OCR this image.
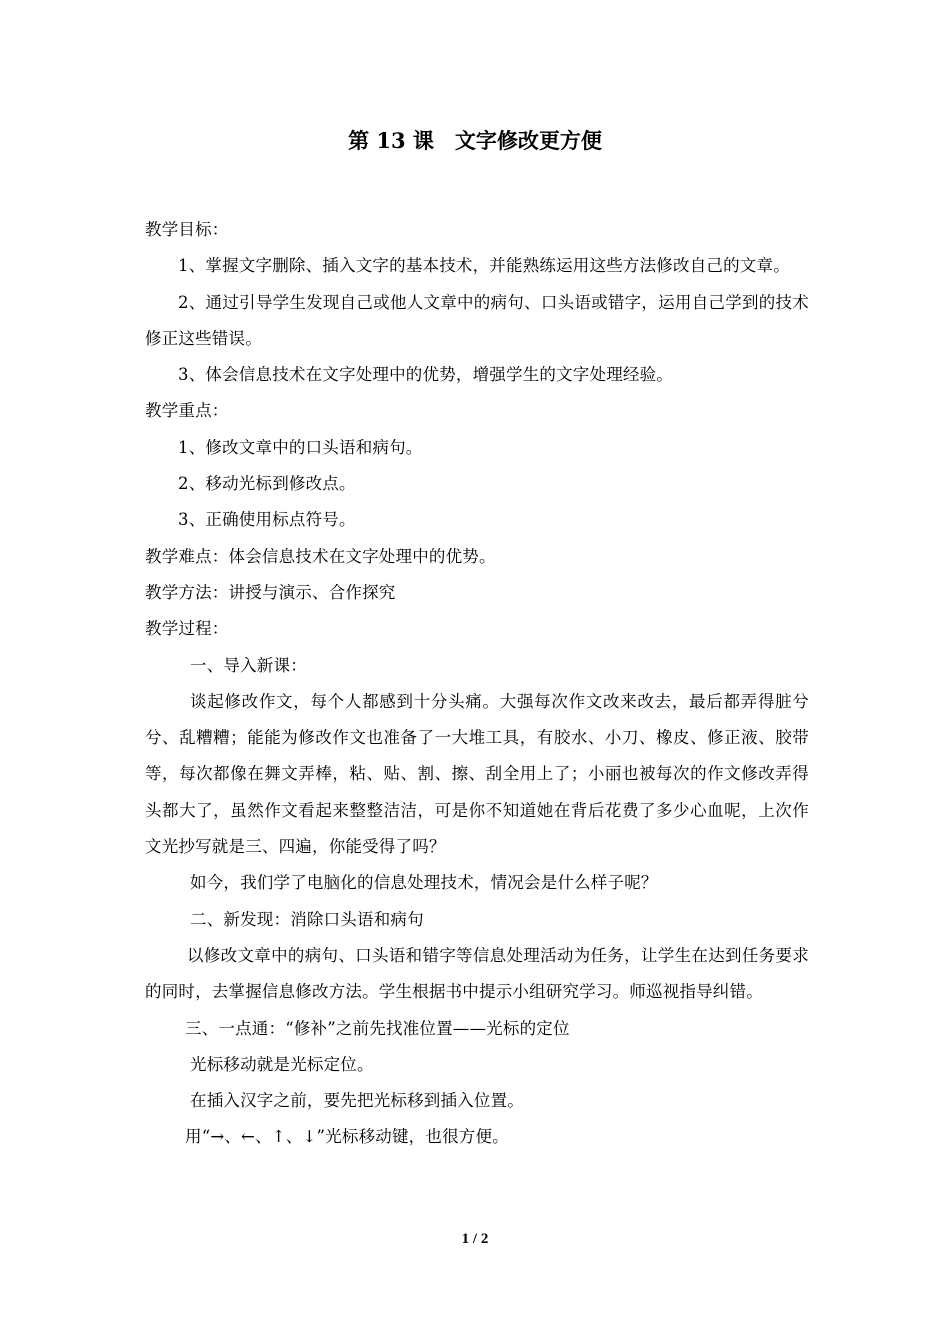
第 13 课　文字修改更方便

教学目标：

1、掌握文字删除、插入文字的基本技术，并能熟练运用这些方法修改自己的文章。

2、通过引导学生发现自己或他人文章中的病句、口头语或错字，运用自己学到的技术修正这些错误。

3、体会信息技术在文字处理中的优势，增强学生的文字处理经验。

教学重点：

1、修改文章中的口头语和病句。

2、移动光标到修改点。

3、正确使用标点符号。

教学难点：体会信息技术在文字处理中的优势。

教学方法：讲授与演示、合作探究

教学过程：

一、导入新课：

谈起修改作文，每个人都感到十分头痛。大强每次作文改来改去，最后都弄得脏兮兮、乱糟糟；能能为修改作文也准备了一大堆工具，有胶水、小刀、橡皮、修正液、胶带等，每次都像在舞文弄棒，粘、贴、割、擦、刮全用上了；小丽也被每次的作文修改弄得头都大了，虽然作文看起来整整洁洁，可是你不知道她在背后花费了多少心血呢，上次作文光抄写就是三、四遍，你能受得了吗？

如今，我们学了电脑化的信息处理技术，情况会是什么样子呢？

二、新发现：消除口头语和病句

以修改文章中的病句、口头语和错字等信息处理活动为任务，让学生在达到任务要求的同时，去掌握信息修改方法。学生根据书中提示小组研究学习。师巡视指导纠错。

三、一点通：“修补”之前先找准位置——光标的定位

光标移动就是光标定位。

在插入汉字之前，要先把光标移到插入位置。

用“→、←、↑、↓”光标移动键，也很方便。

1 / 2
